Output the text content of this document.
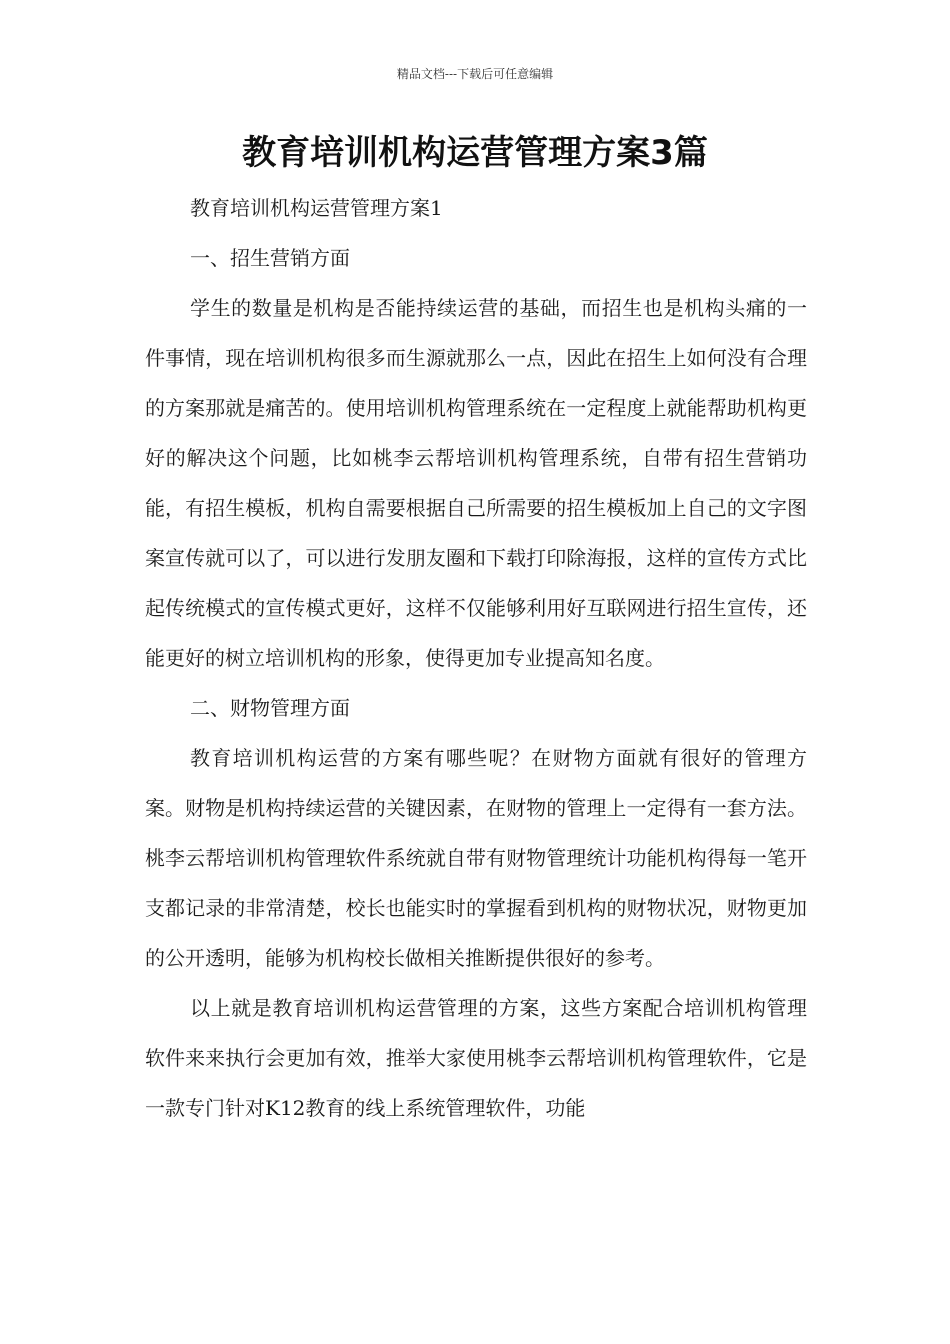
精品文档---下载后可任意编辑
教育培训机构运营管理方案3篇

教育培训机构运营管理方案1

一、招生营销方面

学生的数量是机构是否能持续运营的基础，而招生也是机构头痛的一件事情，现在培训机构很多而生源就那么一点，因此在招生上如何没有合理的方案那就是痛苦的。使用培训机构管理系统在一定程度上就能帮助机构更好的解决这个问题，比如桃李云帮培训机构管理系统，自带有招生营销功能，有招生模板，机构自需要根据自己所需要的招生模板加上自己的文字图案宣传就可以了，可以进行发朋友圈和下载打印除海报，这样的宣传方式比起传统模式的宣传模式更好，这样不仅能够利用好互联网进行招生宣传，还能更好的树立培训机构的形象，使得更加专业提高知名度。

二、财物管理方面

教育培训机构运营的方案有哪些呢？在财物方面就有很好的管理方案。财物是机构持续运营的关键因素，在财物的管理上一定得有一套方法。桃李云帮培训机构管理软件系统就自带有财物管理统计功能机构得每一笔开支都记录的非常清楚，校长也能实时的掌握看到机构的财物状况，财物更加的公开透明，能够为机构校长做相关推断提供很好的参考。

以上就是教育培训机构运营管理的方案，这些方案配合培训机构管理软件来来执行会更加有效，推举大家使用桃李云帮培训机构管理软件，它是一款专门针对K12教育的线上系统管理软件，功能
